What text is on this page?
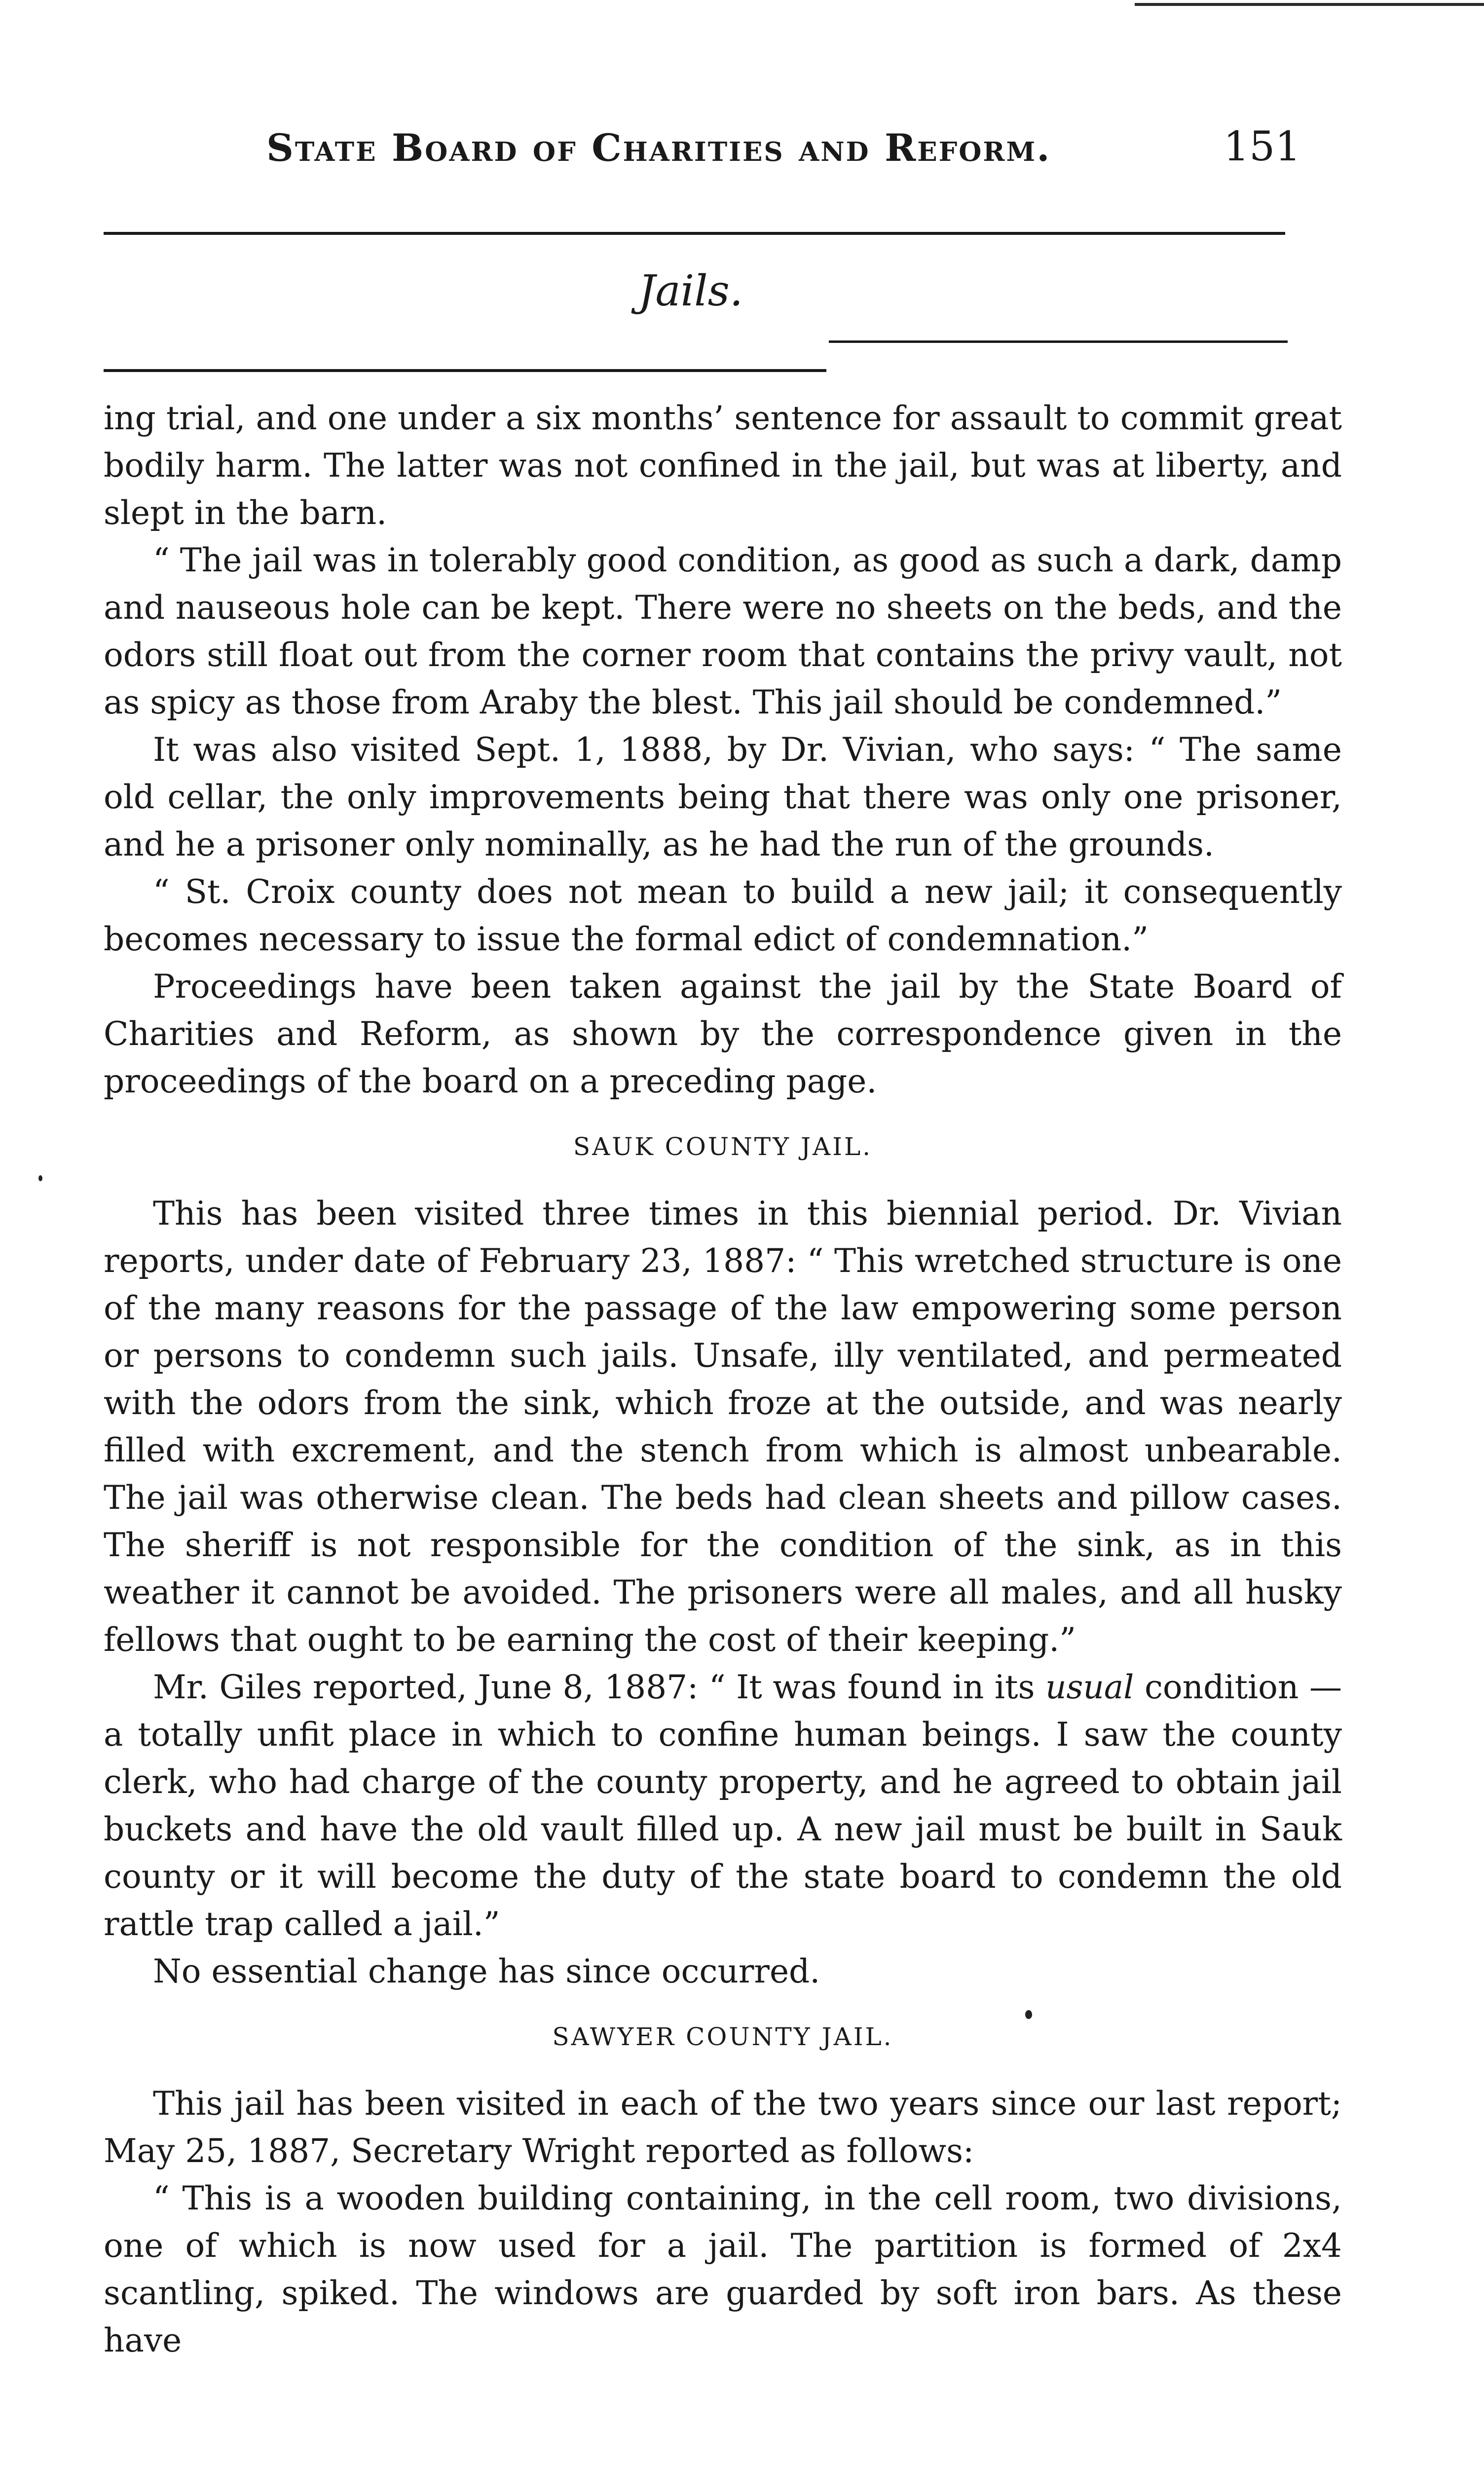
State Board of Charities and Reform.	151
Jails.

ing trial, and one under a six months’ sentence for assault to commit great bodily harm. The latter was not confined in the jail, but was at liberty, and slept in the barn.

“ The jail was in tolerably good condition, as good as such a dark, damp and nauseous hole can be kept. There were no sheets on the beds, and the odors still float out from the corner room that contains the privy vault, not as spicy as those from Araby the blest. This jail should be condemned.”

It was also visited Sept. 1, 1888, by Dr. Vivian, who says: “ The same old cellar, the only improvements being that there was only one prisoner, and he a prisoner only nominally, as he had the run of the grounds.

“ St. Croix county does not mean to build a new jail; it consequently becomes necessary to issue the formal edict of condemnation.”

Proceedings have been taken against the jail by the State Board of Charities and Reform, as shown by the correspondence given in the proceedings of the board on a preceding page.

SAUK COUNTY JAIL.

This has been visited three times in this biennial period. Dr. Vivian reports, under date of February 23, 1887: “ This wretched structure is one of the many reasons for the passage of the law empowering some person or persons to condemn such jails. Unsafe, illy ventilated, and permeated with the odors from the sink, which froze at the outside, and was nearly filled with excrement, and the stench from which is almost unbearable. The jail was otherwise clean. The beds had clean sheets and pillow cases. The sheriff is not responsible for the condition of the sink, as in this weather it cannot be avoided. The prisoners were all males, and all husky fellows that ought to be earning the cost of their keeping.”

Mr. Giles reported, June 8, 1887: “ It was found in its usual condition — a totally unfit place in which to confine human beings. I saw the county clerk, who had charge of the county property, and he agreed to obtain jail buckets and have the old vault filled up. A new jail must be built in Sauk county or it will become the duty of the state board to condemn the old rattle trap called a jail.”

No essential change has since occurred.

SAWYER COUNTY JAIL.

This jail has been visited in each of the two years since our last report; May 25, 1887, Secretary Wright reported as follows:

“ This is a wooden building containing, in the cell room, two divisions, one of which is now used for a jail. The partition is formed of 2x4 scantling, spiked. The windows are guarded by soft iron bars. As these have
